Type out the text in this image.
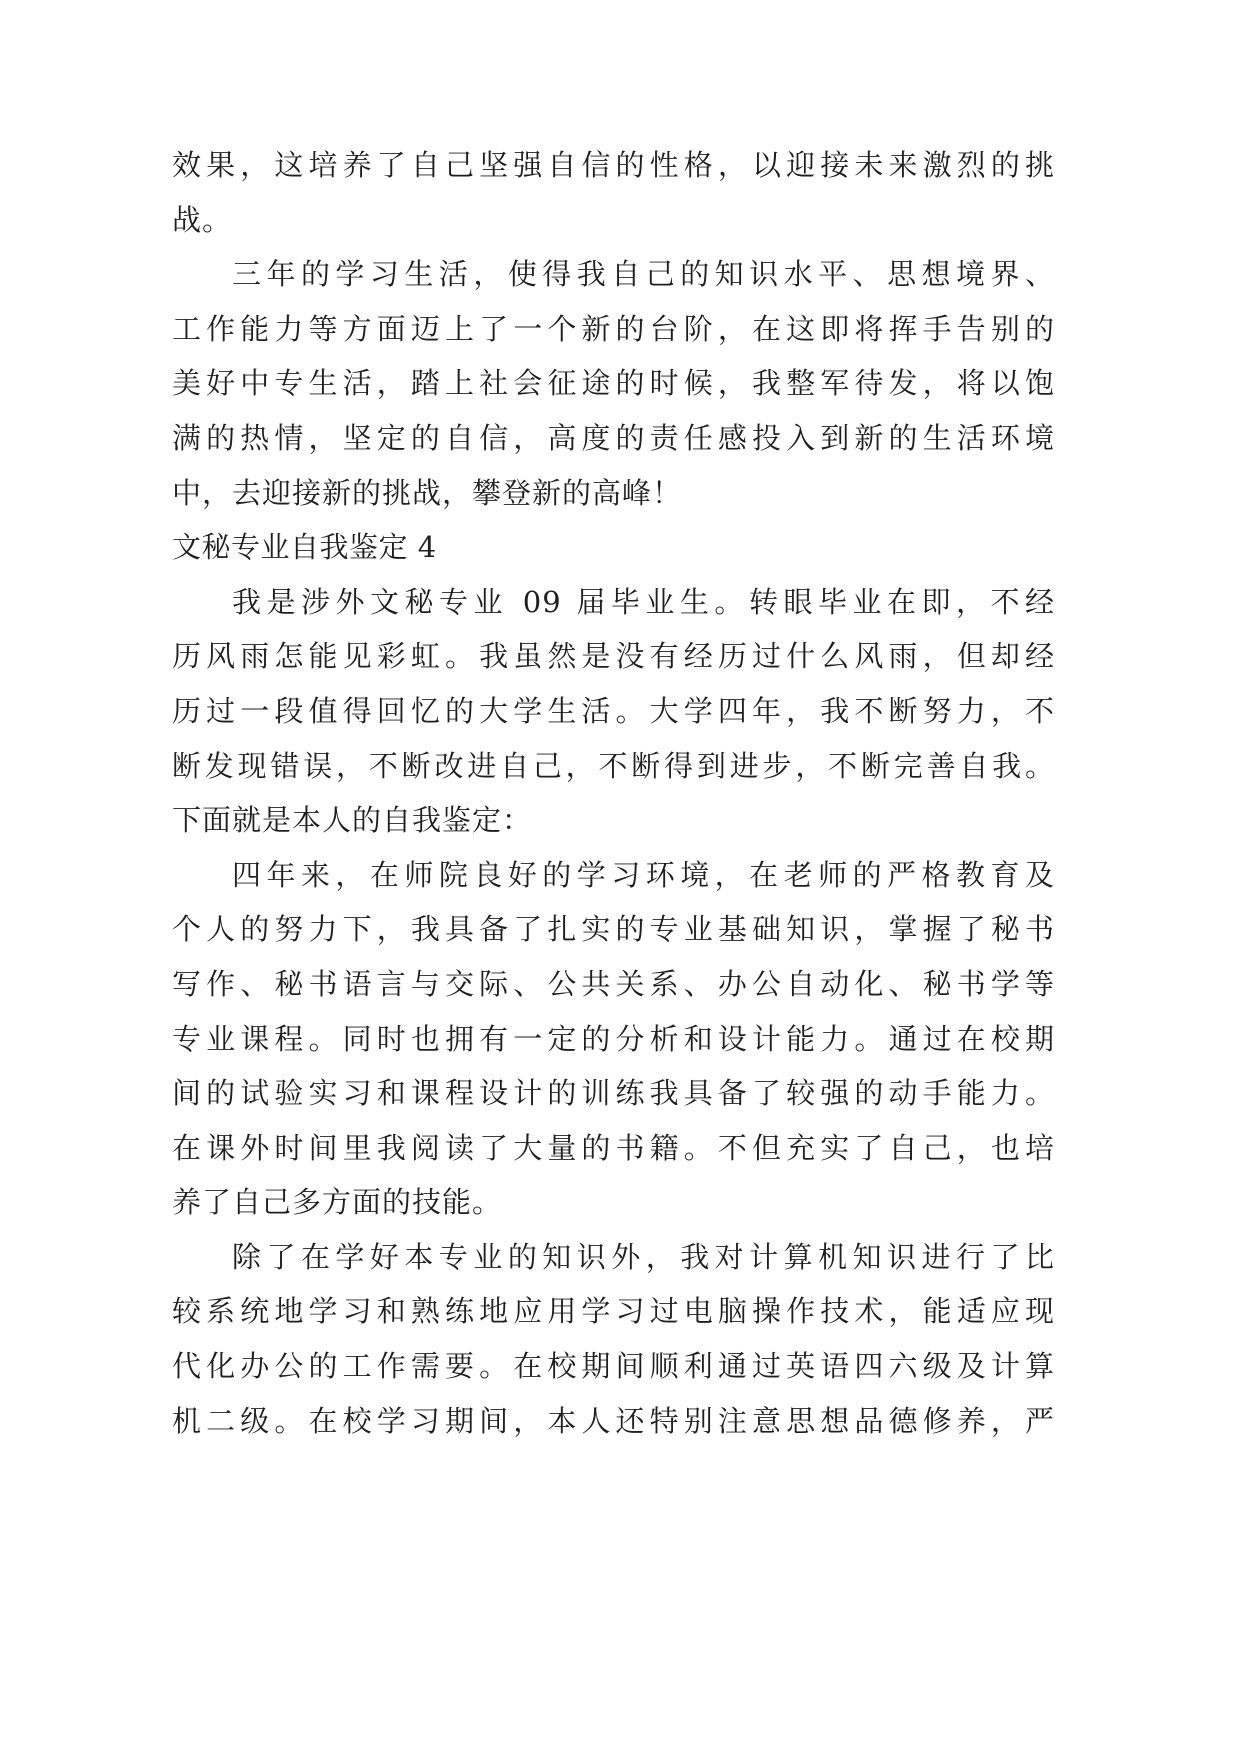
效果，这培养了自己坚强自信的性格，以迎接未来激烈的挑
战。
三年的学习生活，使得我自己的知识水平、思想境界、
工作能力等方面迈上了一个新的台阶，在这即将挥手告别的
美好中专生活，踏上社会征途的时候，我整军待发，将以饱
满的热情，坚定的自信，高度的责任感投入到新的生活环境
中，去迎接新的挑战，攀登新的高峰！
文秘专业自我鉴定 4
我是涉外文秘专业 09 届毕业生。转眼毕业在即，不经
历风雨怎能见彩虹。我虽然是没有经历过什么风雨，但却经
历过一段值得回忆的大学生活。大学四年，我不断努力，不
断发现错误，不断改进自己，不断得到进步，不断完善自我。
下面就是本人的自我鉴定：
四年来，在师院良好的学习环境，在老师的严格教育及
个人的努力下，我具备了扎实的专业基础知识，掌握了秘书
写作、秘书语言与交际、公共关系、办公自动化、秘书学等
专业课程。同时也拥有一定的分析和设计能力。通过在校期
间的试验实习和课程设计的训练我具备了较强的动手能力。
在课外时间里我阅读了大量的书籍。不但充实了自己，也培
养了自己多方面的技能。
除了在学好本专业的知识外，我对计算机知识进行了比
较系统地学习和熟练地应用学习过电脑操作技术，能适应现
代化办公的工作需要。在校期间顺利通过英语四六级及计算
机二级。在校学习期间，本人还特别注意思想品德修养，严
